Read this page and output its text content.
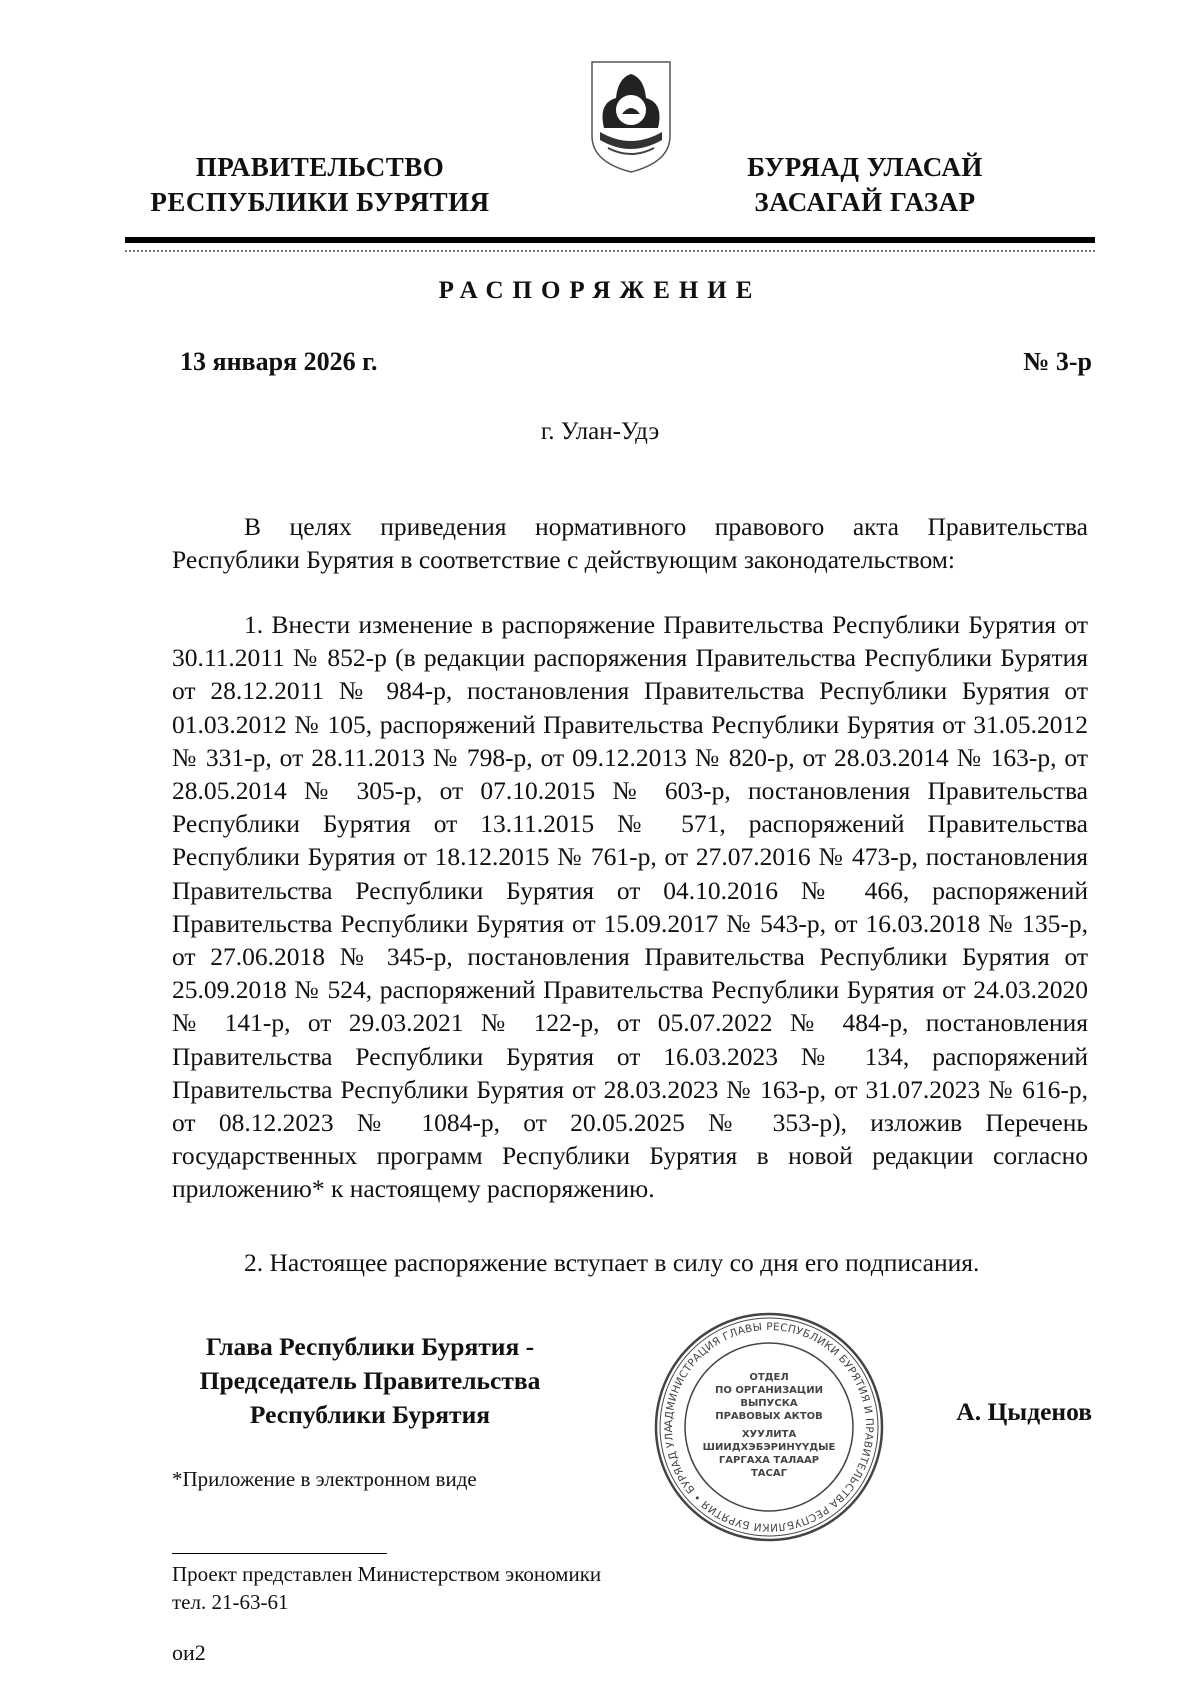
ПРАВИТЕЛЬСТВО
РЕСПУБЛИКИ БУРЯТИЯ
БУРЯАД УЛАСАЙ
ЗАСАГАЙ ГАЗАР
РАСПОРЯЖЕНИЕ
13 января 2026 г.	№ 3-р
г. Улан-Удэ

В целях приведения нормативного правового акта Правительства Республики Бурятия в соответствие с действующим законодательством:

1. Внести изменение в распоряжение Правительства Республики Бурятия от 30.11.2011 № 852-р (в редакции распоряжения Правительства Республики Бурятия от 28.12.2011 № 984-р, постановления Правительства Республики Бурятия от 01.03.2012 № 105, распоряжений Правительства Республики Бурятия от 31.05.2012 № 331-р, от 28.11.2013 № 798-р, от 09.12.2013 № 820-р, от 28.03.2014 № 163-р, от 28.05.2014 № 305-р, от 07.10.2015 № 603-р, постановления Правительства Республики Бурятия от 13.11.2015 № 571, распоряжений Правительства Республики Бурятия от 18.12.2015 № 761-р, от 27.07.2016 № 473-р, постановления Правительства Республики Бурятия от 04.10.2016 № 466, распоряжений Правительства Республики Бурятия от 15.09.2017 № 543-р, от 16.03.2018 № 135-р, от 27.06.2018 № 345-р, постановления Правительства Республики Бурятия от 25.09.2018 № 524, распоряжений Правительства Республики Бурятия от 24.03.2020 № 141-р, от 29.03.2021 № 122-р, от 05.07.2022 № 484-р, постановления Правительства Республики Бурятия от 16.03.2023 № 134, распоряжений Правительства Республики Бурятия от 28.03.2023 № 163-р, от 31.07.2023 № 616-р, от 08.12.2023 № 1084-р, от 20.05.2025 № 353-р), изложив Перечень государственных программ Республики Бурятия в новой редакции согласно приложению* к настоящему распоряжению.

2. Настоящее распоряжение вступает в силу со дня его подписания.

Глава Республики Бурятия -
Председатель Правительства
Республики Бурятия	АДМИНИСТРАЦИЯ ГЛАВЫ РЕСПУБЛИКИ БУРЯТИЯ И ПРАВИТЕЛЬСТВА РЕСПУБЛИКИ БУРЯТИЯ • БУРЯАД УЛА
ОТДЕЛ
ПО ОРГАНИЗАЦИИ
ВЫПУСКА
ПРАВОВЫХ АКТОВ
ХУУЛИТА
ШИИДХЭБЭРИНҮҮДЫЕ
ГАРГАХА ТАЛААР
ТАСАГ
А. Цыденов
*Приложение в электронном виде
Проект представлен Министерством экономики
тел. 21-63-61
ои2
